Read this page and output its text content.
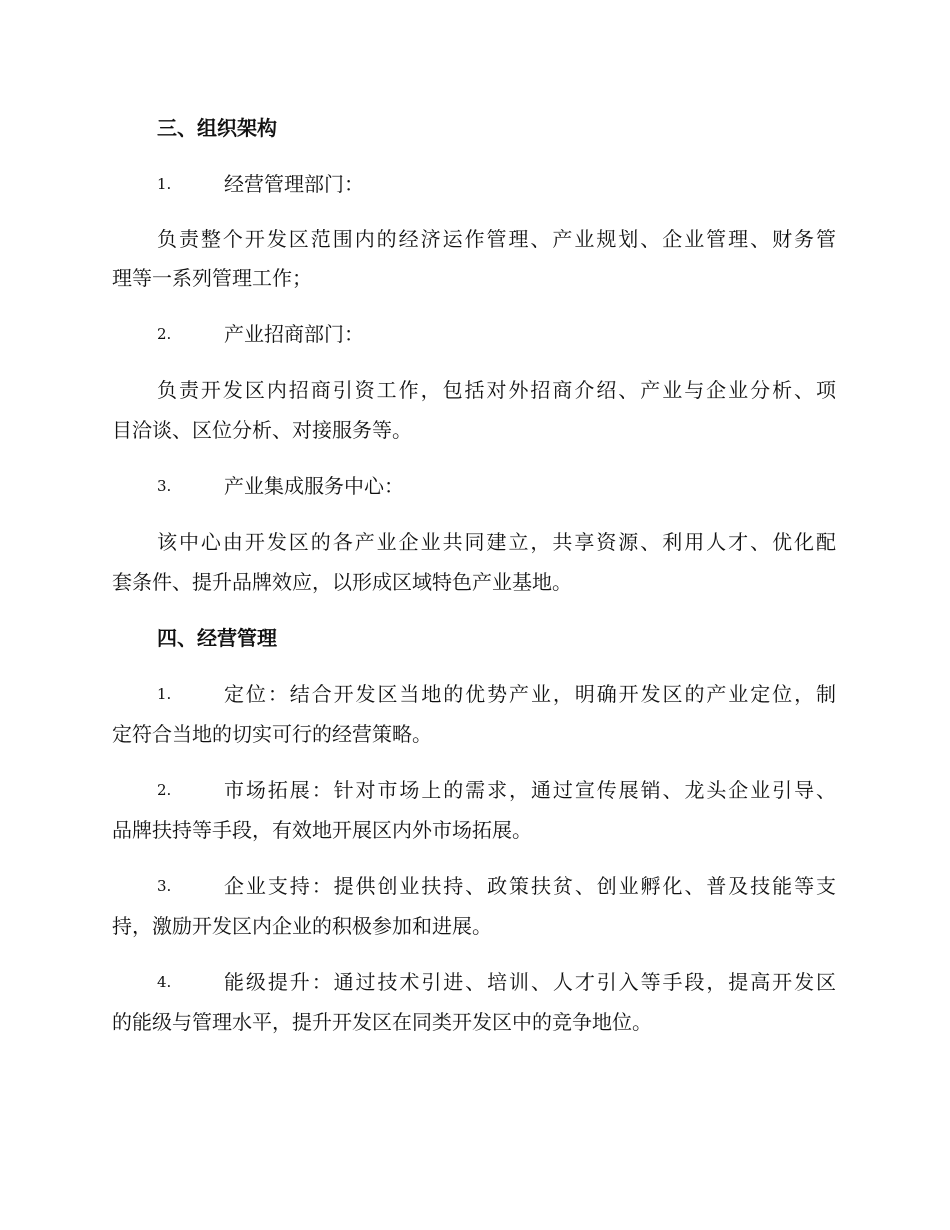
三、组织架构
1.	经营管理部门：
负责整个开发区范围内的经济运作管理、产业规划、企业管理、财务管
理等一系列管理工作；
2.	产业招商部门：
负责开发区内招商引资工作，包括对外招商介绍、产业与企业分析、项
目洽谈、区位分析、对接服务等。
3.	产业集成服务中心：
该中心由开发区的各产业企业共同建立，共享资源、利用人才、优化配
套条件、提升品牌效应，以形成区域特色产业基地。
四、经营管理
1.	定位：结合开发区当地的优势产业，明确开发区的产业定位，制
定符合当地的切实可行的经营策略。
2.	市场拓展：针对市场上的需求，通过宣传展销、龙头企业引导、
品牌扶持等手段，有效地开展区内外市场拓展。
3.	企业支持：提供创业扶持、政策扶贫、创业孵化、普及技能等支
持，激励开发区内企业的积极参加和进展。
4.	能级提升：通过技术引进、培训、人才引入等手段，提高开发区
的能级与管理水平，提升开发区在同类开发区中的竞争地位。
